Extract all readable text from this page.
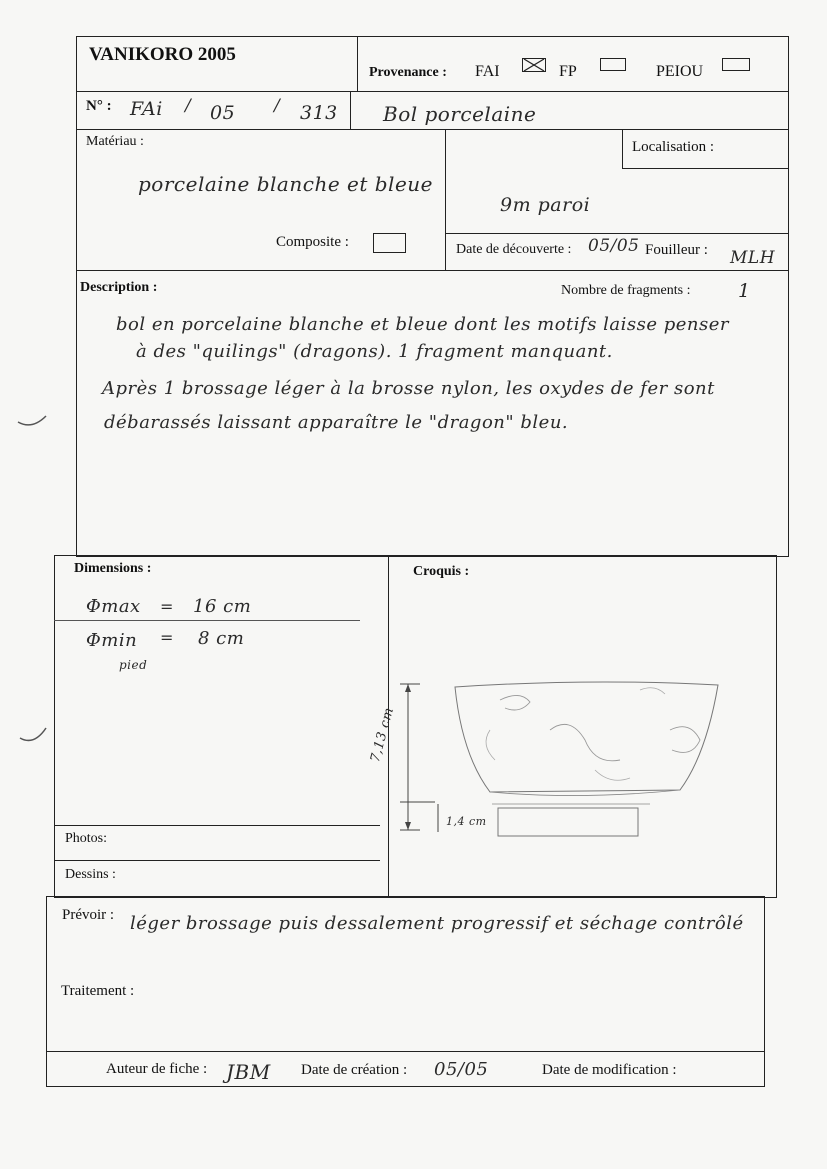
VANIKORO 2005
Provenance : FAI	FP	PEIOU
N° : FAi / 05 / 313 Bol porcelaine
Matériau :
porcelaine blanche et bleue
Composite :
Localisation :
9m paroi
Date de découverte : 05/05 Fouilleur : MLH
Description :	Nombre de fragments :	1
bol en porcelaine blanche et bleue dont les motifs laisse penser
à des "quilings" (dragons). 1 fragment manquant.
Après 1 brossage léger à la brosse nylon, les oxydes de fer sont
débarassés laissant apparaître le "dragon" bleu.
Dimensions :
Φmax = 16 cm
Φmin = 8 cm
pied
Croquis :
7,13 cm
1,4 cm
Photos:
Dessins :
Prévoir : léger brossage puis dessalement progressif et séchage contrôlé
Traitement :
Auteur de fiche : JBM Date de création : 05/05	Date de modification :
